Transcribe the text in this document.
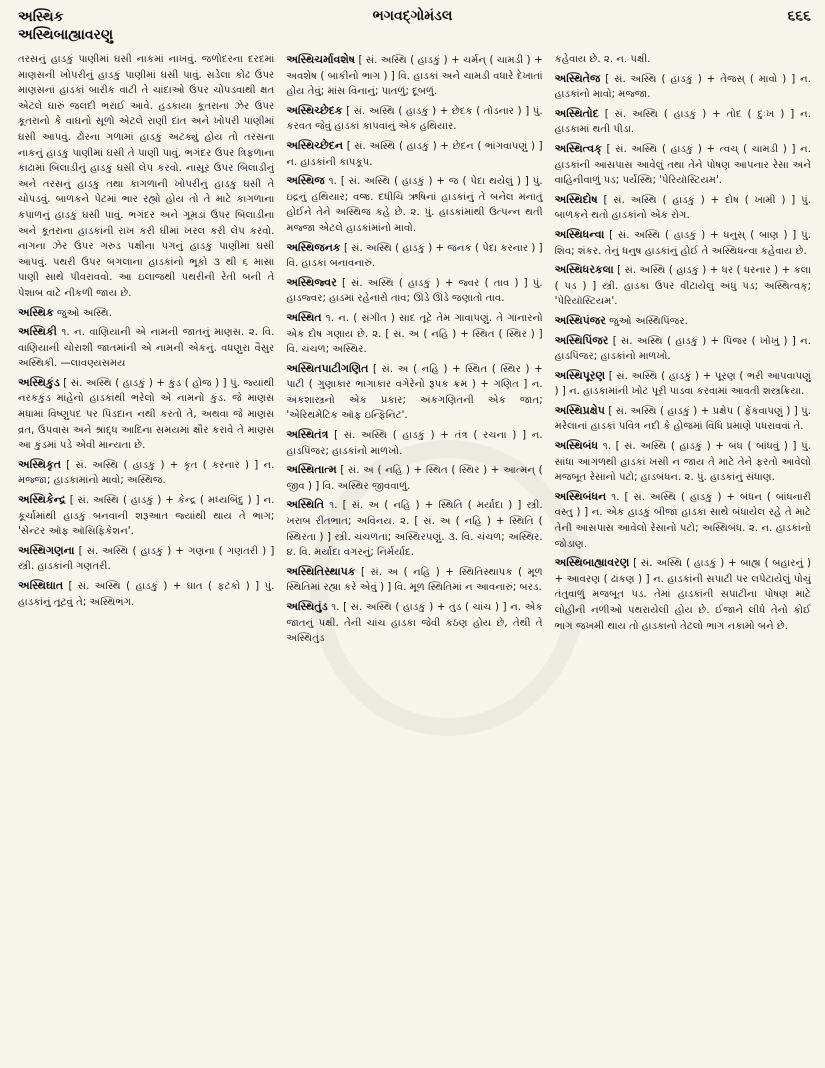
અસ્થિક
અસ્થિબાહ્યાવરણુ
૬૬૬
ભગવદ્ગોમંડલ

તરસનું હાડકું પાણીમાં ઘસી નાકમાં નાખવું. જળોદરના દરદમાં માણસની ખોપરીનું હાડકું પાણીમાં ઘસી પાવું. સડેલા કોઢ ઉપર માણસનાં હાડકાં બારીક વાટી તે ચાંદાઓ ઉપર ચોપડવાથી ક્ષત એટલે ઘારું જલદી ભરાઈ આવે. હડકાયા કૂતરાના ઝેર ઉપર કૂતરાનો કે વાઘનો સૂળો એટલે રાણી દાંત અને ખોપરી પાણીમાં ઘસી આપવું. ઢોરના ગળામાં હાડકું અટક્યું હોય તો તરસના નાકનું હાડકું પાણીમાં ઘસી તે પાણી પાવું. ભગંદર ઉપર ત્રિફળાના કાઢામાં બિલાડીનું હાડકું ઘસી લેપ કરવો. નાસૂર ઉપર બિલાડીનું અને તરસનું હાડકું તથા કાગળાની ખોપરીનું હાડકું ઘસી તે ચોપડવું. બાળકને પેટમાં ભાર રહ્યો હોય તો તે માટે કાગળાના કપાળનું હાડકું ઘસી પાવું. ભગંદર અને ગૂમડાં ઉપર બિલાડીના અને કૂતરાના હાડકાંની રાખ કરી ઘીમાં ખરલ કરી લેપ કરવો. નાગના ઝેર ઉપર ગરુડ પક્ષીના પગનું હાડકું પાણીમાં ઘસી આપવું. પથરી ઉપર બગલાના હાડકાંનો ભૂકો ૩ થી ૬ માસા પાણી સાથે પીવરાવવો. આ ઇલાજથી પથરીની રેતી બની તે પેશાબ વાટે નીકળી જાય છે.

અસ્થિક જુઓ અસ્થિ.

અસ્થિકી ૧. ન. વાણિયાની એ નામની જાતનું માણસ. ૨. વિ. વાણિયાની ચોરાશી જાતમાંની એ નામની એકનું. વધણુરા વૈસુર અસ્થિકી. —લાવણ્યસમય

અસ્થિકુંડ [ સં. અસ્થિ ( હાડકું ) + કુંડ ( હોજ ) ] પું. જ્યાંથી નરકકુંડ માંહેનો હાડકાંથી ભરેલો એ નામનો કુંડ. જે માણસ મધામાં વિષ્ણુપદ પર પિંડદાન નથી કરતો તે, અથવા જે માણસ વ્રત, ઉપવાસ અને શ્રાદ્ધ આદિના સમયમાં ક્ષૌર કરાવે તે માણસ આ કુંડમાં પડે એવી માન્યતા છે.

અસ્થિકૃત [ સં. અસ્થિ ( હાડકું ) + કૃત ( કરનાર ) ] ન. મજ્જા; હાડકામાંનો માવો; અસ્થિજ.

અસ્થિકેન્દ્ર [ સં. અસ્થિ ( હાડકું ) + કેન્દ્ર ( મધ્યબિંદુ ) ] ન. કૂર્ચામાંથી હાડકું બનવાની શરૂઆત જ્યાંથી થાય તે ભાગ; 'સેન્ટર ઑફ ઑસિફિકેશન'.

અસ્થિગણના [ સં. અસ્થિ ( હાડકું ) + ગણના ( ગણતરી ) ] સ્ત્રી. હાડકાંની ગણતરી.

અસ્થિઘાત [ સં. અસ્થિ ( હાડકું ) + ઘાત ( ફટકો ) ] પું. હાડકાંનું તૂટવું તે; અસ્થિભંગ.

અસ્થિચર્માવશેષ [ સં. અસ્થિ ( હાડકું ) + ચર્મન્ ( ચામડી ) + અવશેષ ( બાકીનો ભાગ ) ] વિ. હાડકાં અને ચામડી વધારે દેખાતાં હોય તેવું; માંસ વિનાનું; પાતળું; દૂબળું.

અસ્થિચ્છેદક [ સં. અસ્થિ ( હાડકું ) + છેદક ( તોડનાર ) ] પું. કરવત જેવું હાડકાં કાપવાનું એક હથિયાર.

અસ્થિચ્છેદન [ સં. અસ્થિ ( હાડકું ) + છેદન ( ભાંગવાપણું ) ] ન. હાડકાંની કાપકૂપ.

અસ્થિજ ૧. [ સં. અસ્થિ ( હાડકું ) + જ ( પેદા થયેલું ) ] પું. ઇંદ્રનું હથિયાર; વજ્ર. દધીચિ ઋષિનાં હાડકાંનું તે બનેલ મનાતું હોઈને તેને અસ્થિજ કહે છે. ૨. પું. હાડકાંમાંથી ઉત્પન્ન થતી મજ્જા એટલે હાડકાંમાંનો માવો.

અસ્થિજનક [ સં. અસ્થિ ( હાડકું ) + જનક ( પેદા કરનાર ) ] વિ. હાડકાં બનાવનારું.

અસ્થિજ્વર [ સં. અસ્થિ ( હાડકું ) + જ્વર ( તાવ ) ] પું. હાડજ્વર; હાડમાં રહેનારો તાવ; ઊંડે ઊંડે જણાતો તાવ.

અસ્થિત ૧. ન. ( સંગીત ) સાદ તૂટે તેમ ગાવાપણું. તે ગાનારનો એક દોષ ગણાય છે. ૨. [ સં. અ ( નહિ ) + સ્થિત ( સ્થિર ) ] વિ. ચંચળ; અસ્થિર.

અસ્થિતપાટીગણિત [ સં. અ ( નહિ ) + સ્થિત ( સ્થિર ) + પાટી ( ગુણાકાર ભાગાકાર વગેરેનો રૂપક ક્રમ ) + ગણિત ] ન. અંકશાસ્ત્રનો એક પ્રકાર; અંકગણિતની એક જાત; 'એરિથમેટિક ઑફ ઇન્ફિનિટ'.

અસ્થિતંત્ર [ સં. અસ્થિ ( હાડકું ) + તંત્ર ( રચના ) ] ન. હાડપિંજર; હાડકાંનો માળખો.

અસ્થિતાત્મ [ સં. અ ( નહિ ) + સ્થિત ( સ્થિર ) + આત્મન્ ( જીવ ) ] વિ. અસ્થિર જીવવાળું.

અસ્થિતિ ૧. [ સં. અ ( નહિ ) + સ્થિતિ ( મર્યાદા ) ] સ્ત્રી. ખરાબ રીતભાત; અવિનય. ૨. [ સં. અ ( નહિ ) + સ્થિતિ ( સ્થિરતા ) ] સ્ત્રી. ચંચળતા; અસ્થિરપણું. ૩. વિ. ચંચળ; અસ્થિર. ૪. વિ. મર્યાદા વગરનું; નિર્મર્યાદ.

અસ્થિતિસ્થાપક [ સં. અ ( નહિ ) + સ્થિતિસ્થાપક ( મૂળ સ્થિતિમાં રહ્યા કરે એવું ) ] વિ. મૂળ સ્થિતિમાં ન આવનારું; બરડ.

અસ્થિતુંડ ૧. [ સં. અસ્થિ ( હાડકું ) + તુંડ ( ચાંચ ) ] ન. એક જાતનું પક્ષી. તેની ચાંચ હાડકા જેવી કઠણ હોય છે, તેથી તે અસ્થિતુંડ

કહેવાય છે. ૨. ન. પક્ષી.

અસ્થિતેજ [ સં. અસ્થિ ( હાડકું ) + તેજસ્ ( માવો ) ] ન. હાડકાંનો માવો; મજ્જા.

અસ્થિતોદ [ સં. અસ્થિ ( હાડકું ) + તોદ ( દુઃખ ) ] ન. હાડકામાં થતી પીડા.

અસ્થિત્વક્ [ સં. અસ્થિ ( હાડકું ) + ત્વચ્ ( ચામડી ) ] ન. હાડકાંની આસપાસ આવેલું તથા તેને પોષણ આપનાર રેસા અને વાહિનીવાળું પડ; પર્યસ્થિ; 'પેરિયૉસ્ટિયમ'.

અસ્થિદોષ [ સં. અસ્થિ ( હાડકું ) + દોષ ( ખામી ) ] પું. બાળકને થતો હાડકાંનો એક રોગ.

અસ્થિધન્વા [ સં. અસ્થિ ( હાડકું ) + ધનુસ્ ( બાણ ) ] પું. શિવ; શંકર. તેનું ધનુષ હાડકાંનું હોઈ તે અસ્થિધન્વા કહેવાય છે.

અસ્થિધરકલા [ સં. અસ્થિ ( હાડકું ) + ધર ( ધરનાર ) + કલા ( પડ ) ] સ્ત્રી. હાડકા ઉપર વીંટાયેલું અંધું પડ; અસ્થિત્વક્; 'પેરિયૉસ્ટિયમ'.

અસ્થિપંજર જુઓ અસ્થિપિંજર.

અસ્થિપિંજર [ સં. અસ્થિ ( હાડકું ) + પિંજર ( ખોખું ) ] ન. હાડપિંજર; હાડકાંનો માળખો.

અસ્થિપૂરણ [ સં. અસ્થિ ( હાડકું ) + પૂરણ ( ભરી આપવાપણું ) ] ન. હાડકામાંની ખોટ પૂરી પાડવા કરવામાં આવતી શસ્ત્રક્રિયા.

અસ્થિપ્રક્ષેપ [ સં. અસ્થિ ( હાડકું ) + પ્રક્ષેપ ( ફેંકવાપણું ) ] પું. મરેલાનાં હાડકાં પવિત્ર નદી કે હોજમાં વિધિ પ્રમાણે પધરાવવાં તે.

અસ્થિબંધ ૧. [ સં. અસ્થિ ( હાડકું ) + બંધ ( બાંધવું ) ] પું. સાંધા આગળથી હાડકાં ખસી ન જાય તે માટે તેને ફરતો આવેલો મજબૂત રેસાનો પટો; હાડબંધન. ૨. પું. હાડકાંનું સંધાણ.

અસ્થિબંધન ૧. [ સં. અસ્થિ ( હાડકું ) + બંધન ( બાંધનારી વસ્તુ ) ] ન. એક હાડકું બીજા હાડકા સાથે બંધાયેલ રહે તે માટે તેની આસપાસ આવેલો રેસાનો પટો; અસ્થિબંધ. ૨. ન. હાડકાંનો જોડાણ.

અસ્થિબાહ્યાવરણ [ સં. અસ્થિ ( હાડકું ) + બાહ્ય ( બહારનું ) + આવરણ ( ઢાંકણ ) ] ન. હાડકાંની સપાટી પર લપેટાયેલું પોચું તંતુવાળું મજબૂત પડ. તેમાં હાડકાંની સપાટીના પોષણ માટે લોહીની નળીઓ પથરાયેલી હોય છે. ઈજાને લીધે તેનો કોઈ ભાગ જખમી થાય તો હાડકાનો તેટલો ભાગ નકામો બને છે.
